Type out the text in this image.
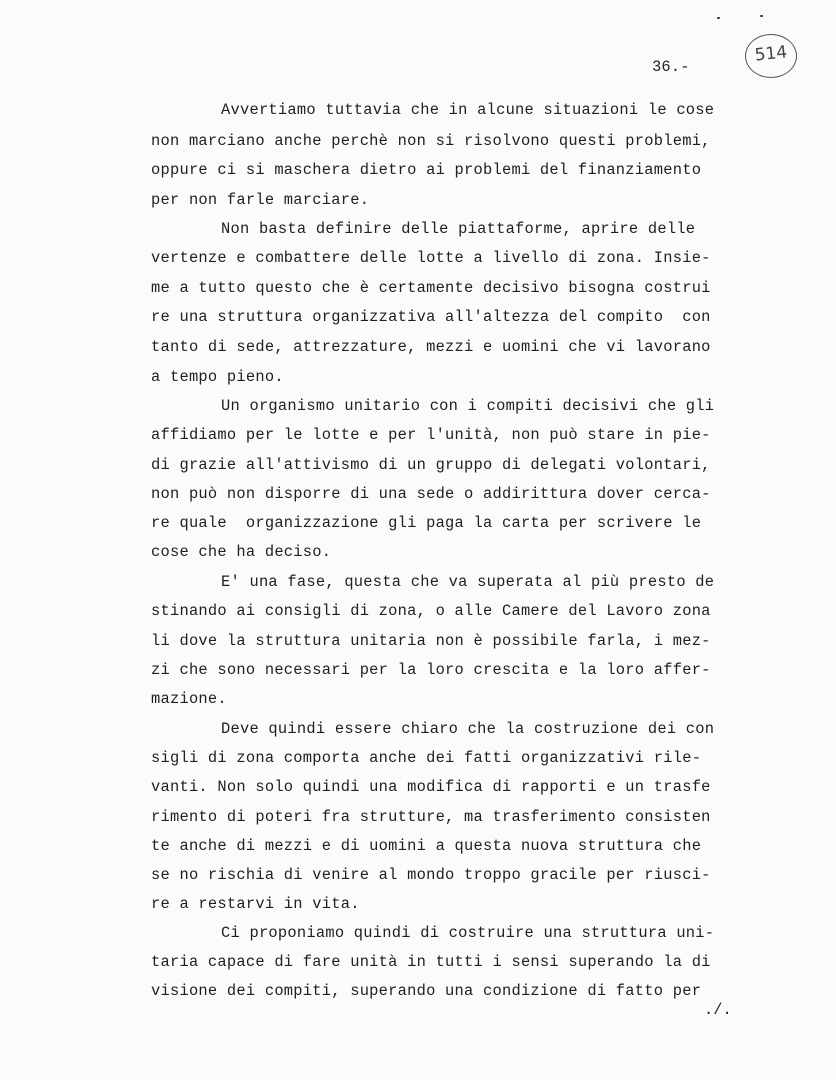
36.-
514
Avvertiamo tuttavia che in alcune situazioni le cose
non marciano anche perchè non si risolvono questi problemi,
oppure ci si maschera dietro ai problemi del finanziamento
per non farle marciare.
Non basta definire delle piattaforme, aprire delle
vertenze e combattere delle lotte a livello di zona. Insie-
me a tutto questo che è certamente decisivo bisogna costrui
re una struttura organizzativa all'altezza del compito  con
tanto di sede, attrezzature, mezzi e uomini che vi lavorano
a tempo pieno.
Un organismo unitario con i compiti decisivi che gli
affidiamo per le lotte e per l'unità, non può stare in pie-
di grazie all'attivismo di un gruppo di delegati volontari,
non può non disporre di una sede o addirittura dover cerca-
re quale  organizzazione gli paga la carta per scrivere le
cose che ha deciso.
E' una fase, questa che va superata al più presto de
stinando ai consigli di zona, o alle Camere del Lavoro zona
li dove la struttura unitaria non è possibile farla, i mez-
zi che sono necessari per la loro crescita e la loro affer-
mazione.
Deve quindi essere chiaro che la costruzione dei con
sigli di zona comporta anche dei fatti organizzativi rile-
vanti. Non solo quindi una modifica di rapporti e un trasfe
rimento di poteri fra strutture, ma trasferimento consisten
te anche di mezzi e di uomini a questa nuova struttura che
se no rischia di venire al mondo troppo gracile per riusci-
re a restarvi in vita.
Ci proponiamo quindi di costruire una struttura uni-
taria capace di fare unità in tutti i sensi superando la di
visione dei compiti, superando una condizione di fatto per
./.
